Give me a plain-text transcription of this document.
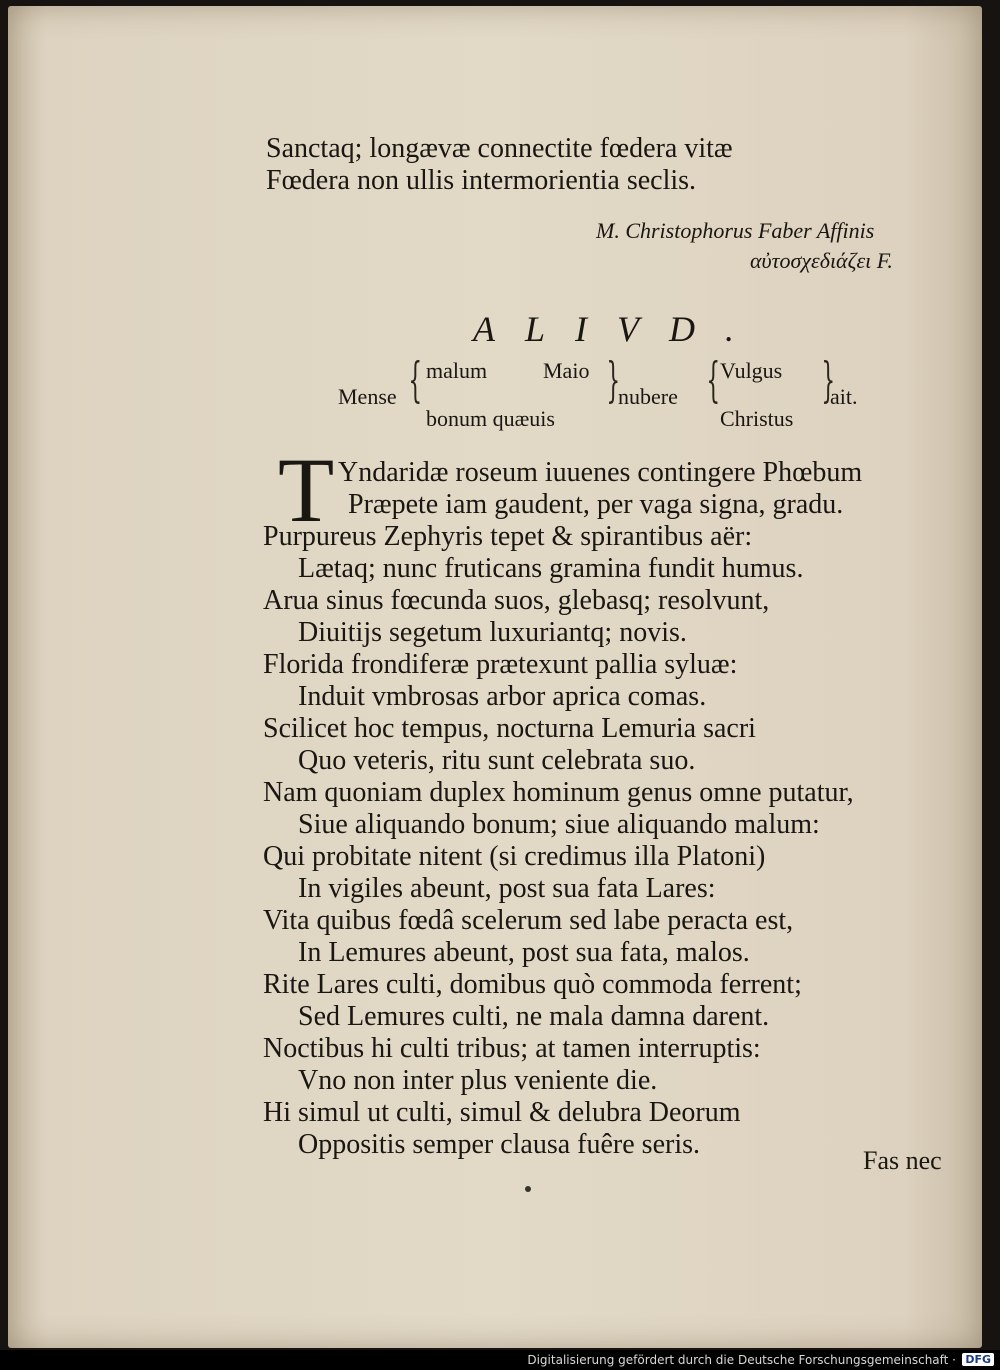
Sanctaq; longævæ connectite fœdera vitæ
Fœdera non ullis intermorientia seclis.
M. Christophorus Faber Affinis
αὐτοσχεδιάζει F.
ALIVD.
Mense { malum	Maio
bonum quæuis
}
nubere { Vulgus
Christus
}
ait.
T Yndaridæ roseum iuuenes contingere Phœbum
Præpete iam gaudent, per vaga signa, gradu.
Purpureus Zephyris tepet & spirantibus aër:
Lætaq; nunc fruticans gramina fundit humus.
Arua sinus fœcunda suos, glebasq; resolvunt,
Diuitijs segetum luxuriantq; novis.
Florida frondiferæ prætexunt pallia syluæ:
Induit vmbrosas arbor aprica comas.
Scilicet hoc tempus, nocturna Lemuria sacri
Quo veteris, ritu sunt celebrata suo.
Nam quoniam duplex hominum genus omne putatur,
Siue aliquando bonum; siue aliquando malum:
Qui probitate nitent (si credimus illa Platoni)
In vigiles abeunt, post sua fata Lares:
Vita quibus fœdâ scelerum sed labe peracta est,
In Lemures abeunt, post sua fata, malos.
Rite Lares culti, domibus quò commoda ferrent;
Sed Lemures culti, ne mala damna darent.
Noctibus hi culti tribus; at tamen interruptis:
Vno non inter plus veniente die.
Hi simul ut culti, simul & delubra Deorum
Oppositis semper clausa fuêre seris.
Fas nec
Digitalisierung gefördert durch die Deutsche Forschungsgemeinschaft · DFG
